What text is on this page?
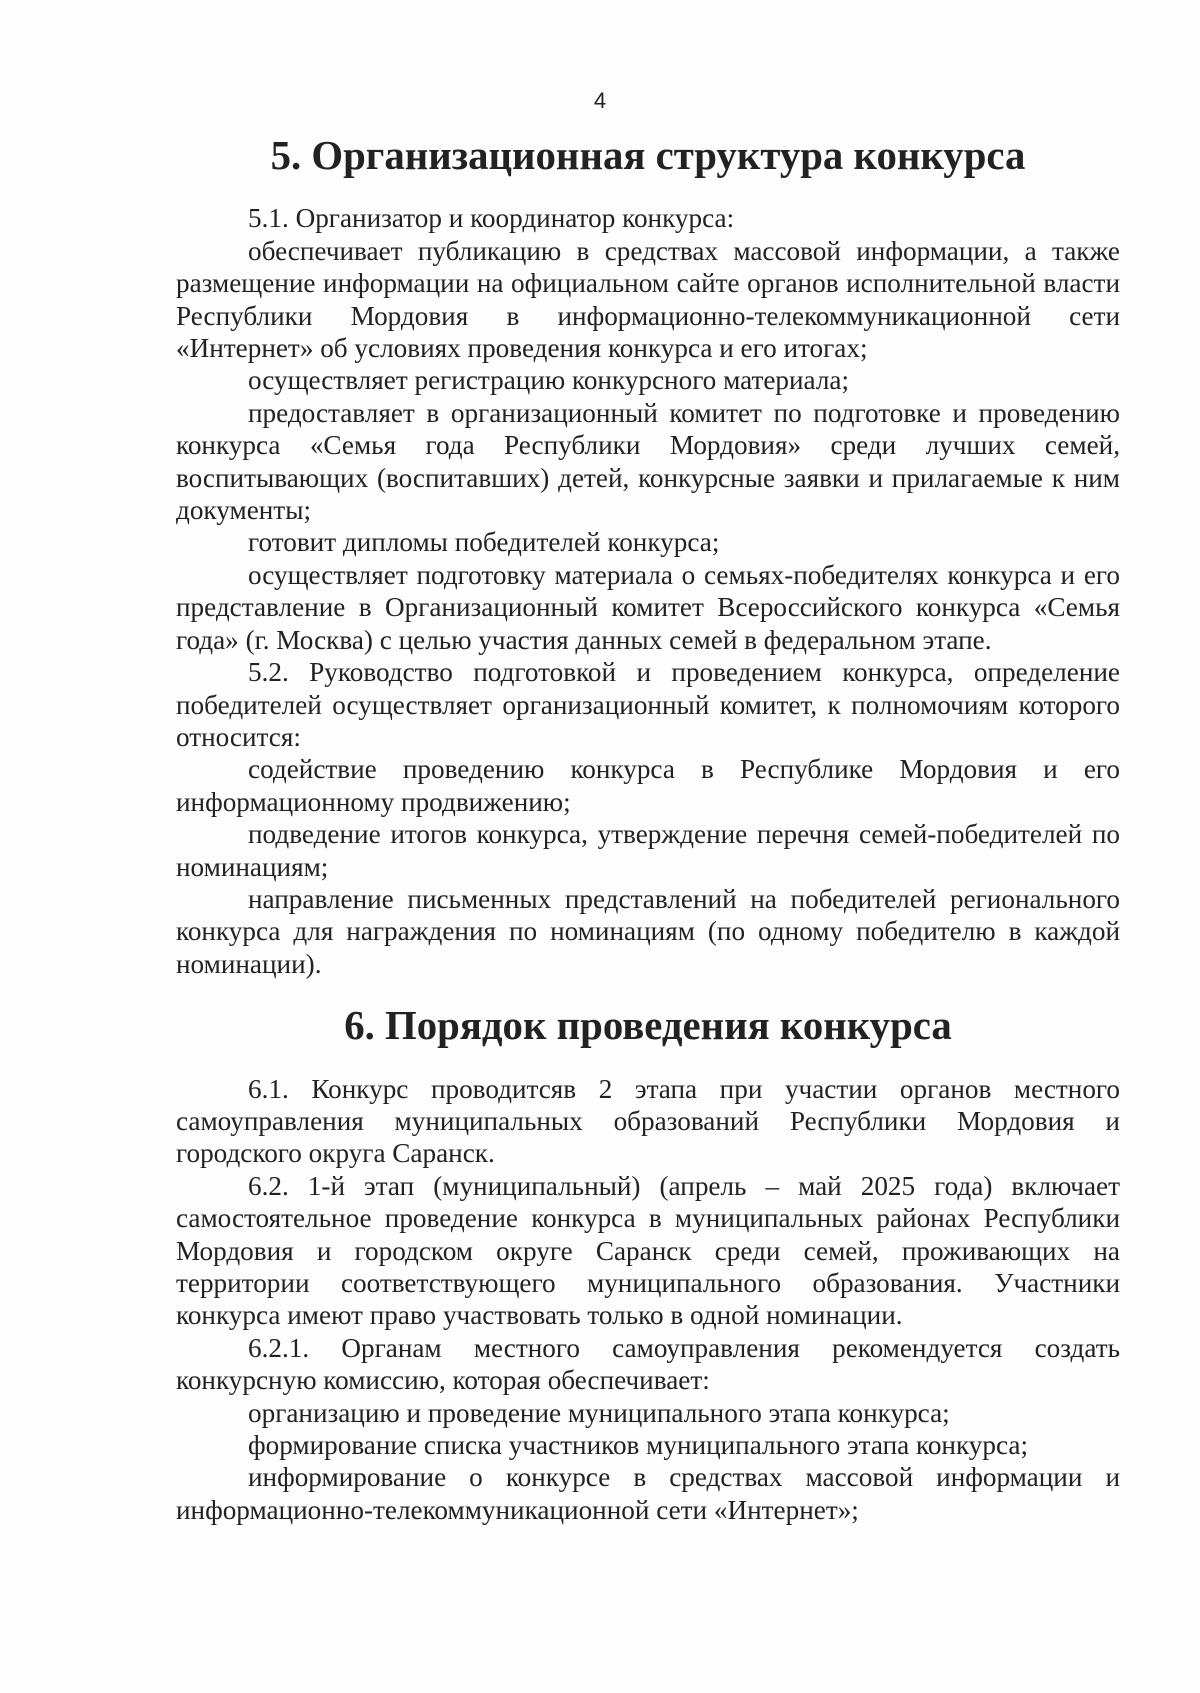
4
5. Организационная структура конкурса

5.1. Организатор и координатор конкурса:

обеспечивает публикацию в средствах массовой информации, а также размещение информации на официальном сайте органов исполнительной власти Республики Мордовия в информационно-телекоммуникационной сети «Интернет» об условиях проведения конкурса и его итогах;

осуществляет регистрацию конкурсного материала;

предоставляет в организационный комитет по подготовке и проведению конкурса «Семья года Республики Мордовия» среди лучших семей, воспитывающих (воспитавших) детей, конкурсные заявки и прилагаемые к ним документы;

готовит дипломы победителей конкурса;

осуществляет подготовку материала о семьях-победителях конкурса и его представление в Организационный комитет Всероссийского конкурса «Семья года» (г. Москва) с целью участия данных семей в федеральном этапе.

5.2. Руководство подготовкой и проведением конкурса, определение победителей осуществляет организационный комитет, к полномочиям которого относится:

содействие проведению конкурса в Республике Мордовия и его информационному продвижению;

подведение итогов конкурса, утверждение перечня семей-победителей по номинациям;

направление письменных представлений на победителей регионального конкурса для награждения по номинациям (по одному победителю в каждой номинации).

6. Порядок проведения конкурса

6.1. Конкурс проводитсяв 2 этапа при участии органов местного самоуправления муниципальных образований Республики Мордовия и городского округа Саранск.

6.2. 1-й этап (муниципальный) (апрель – май 2025 года) включает самостоятельное проведение конкурса в муниципальных районах Республики Мордовия и городском округе Саранск среди семей, проживающих на территории соответствующего муниципального образования. Участники конкурса имеют право участвовать только в одной номинации.

6.2.1. Органам местного самоуправления рекомендуется создать конкурсную комиссию, которая обеспечивает:

организацию и проведение муниципального этапа конкурса;

формирование списка участников муниципального этапа конкурса;

информирование о конкурсе в средствах массовой информации и информационно-телекоммуникационной сети «Интернет»;
